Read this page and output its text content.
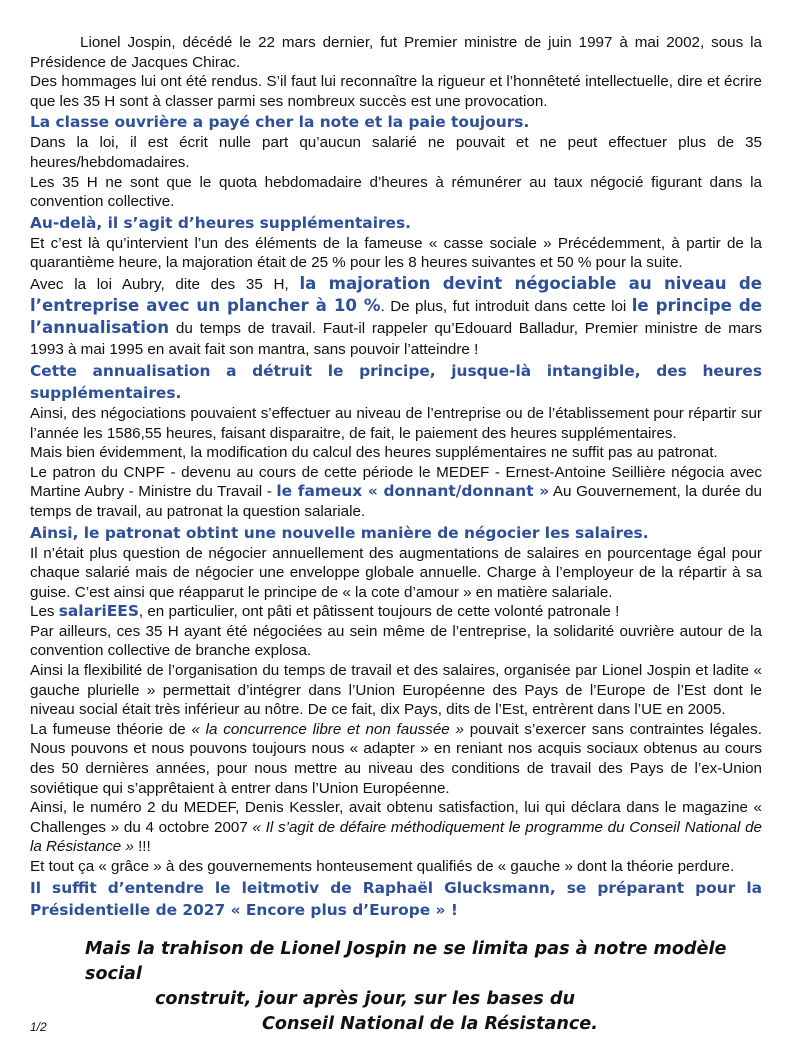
Lionel Jospin, décédé le 22 mars dernier, fut Premier ministre de juin 1997 à mai 2002, sous la Présidence de Jacques Chirac.

Des hommages lui ont été rendus. S’il faut lui reconnaître la rigueur et l’honnêteté intellectuelle, dire et écrire que les 35 H sont à classer parmi ses nombreux succès est une provocation.

La classe ouvrière a payé cher la note et la paie toujours.

Dans la loi, il est écrit nulle part qu’aucun salarié ne pouvait et ne peut effectuer plus de 35 heures/hebdomadaires.

Les 35 H ne sont que le quota hebdomadaire d’heures à rémunérer au taux négocié figurant dans la convention collective.

Au-delà, il s’agit d’heures supplémentaires.

Et c’est là qu’intervient l’un des éléments de la fameuse « casse sociale » Précédemment, à partir de la quarantième heure, la majoration était de 25 % pour les 8 heures suivantes et 50 % pour la suite.

Avec la loi Aubry, dite des 35 H, la majoration devint négociable au niveau de l’entreprise avec un plancher à 10 %. De plus, fut introduit dans cette loi le principe de l’annualisation du temps de travail. Faut-il rappeler qu’Edouard Balladur, Premier ministre de mars 1993 à mai 1995 en avait fait son mantra, sans pouvoir l’atteindre !

Cette annualisation a détruit le principe, jusque-là intangible, des heures supplémentaires.

Ainsi, des négociations pouvaient s’effectuer au niveau de l’entreprise ou de l’établissement pour répartir sur l’année les 1586,55 heures, faisant disparaitre, de fait, le paiement des heures supplémentaires.

Mais bien évidemment, la modification du calcul des heures supplémentaires ne suffit pas au patronat.

Le patron du CNPF - devenu au cours de cette période le MEDEF - Ernest-Antoine Seillière négocia avec Martine Aubry - Ministre du Travail - le fameux « donnant/donnant » Au Gouvernement, la durée du temps de travail, au patronat la question salariale.

Ainsi, le patronat obtint une nouvelle manière de négocier les salaires.

Il n’était plus question de négocier annuellement des augmentations de salaires en pourcentage égal pour chaque salarié mais de négocier une enveloppe globale annuelle. Charge à l’employeur de la répartir à sa guise. C’est ainsi que réapparut le principe de « la cote d’amour » en matière salariale.

Les salariEES, en particulier, ont pâti et pâtissent toujours de cette volonté patronale !

Par ailleurs, ces 35 H ayant été négociées au sein même de l’entreprise, la solidarité ouvrière autour de la convention collective de branche explosa.

Ainsi la flexibilité de l’organisation du temps de travail et des salaires, organisée par Lionel Jospin et ladite « gauche plurielle » permettait d’intégrer dans l’Union Européenne des Pays de l’Europe de l’Est dont le niveau social était très inférieur au nôtre. De ce fait, dix Pays, dits de l’Est, entrèrent dans l’UE en 2005.

La fumeuse théorie de « la concurrence libre et non faussée » pouvait s’exercer sans contraintes légales. Nous pouvons et nous pouvons toujours nous « adapter » en reniant nos acquis sociaux obtenus au cours des 50 dernières années, pour nous mettre au niveau des conditions de travail des Pays de l’ex-Union soviétique qui s’apprêtaient à entrer dans l’Union Européenne.

Ainsi, le numéro 2 du MEDEF, Denis Kessler, avait obtenu satisfaction, lui qui déclara dans le magazine « Challenges » du 4 octobre 2007 « Il s’agit de défaire méthodiquement le programme du Conseil National de la Résistance » !!!

Et tout ça « grâce » à des gouvernements honteusement qualifiés de « gauche » dont la théorie perdure.

Il suffit d’entendre le leitmotiv de Raphaël Glucksmann, se préparant pour la Présidentielle de 2027 « Encore plus d’Europe » !

Mais la trahison de Lionel Jospin ne se limita pas à notre modèle social
construit, jour après jour, sur les bases du
Conseil National de la Résistance.
1/2
